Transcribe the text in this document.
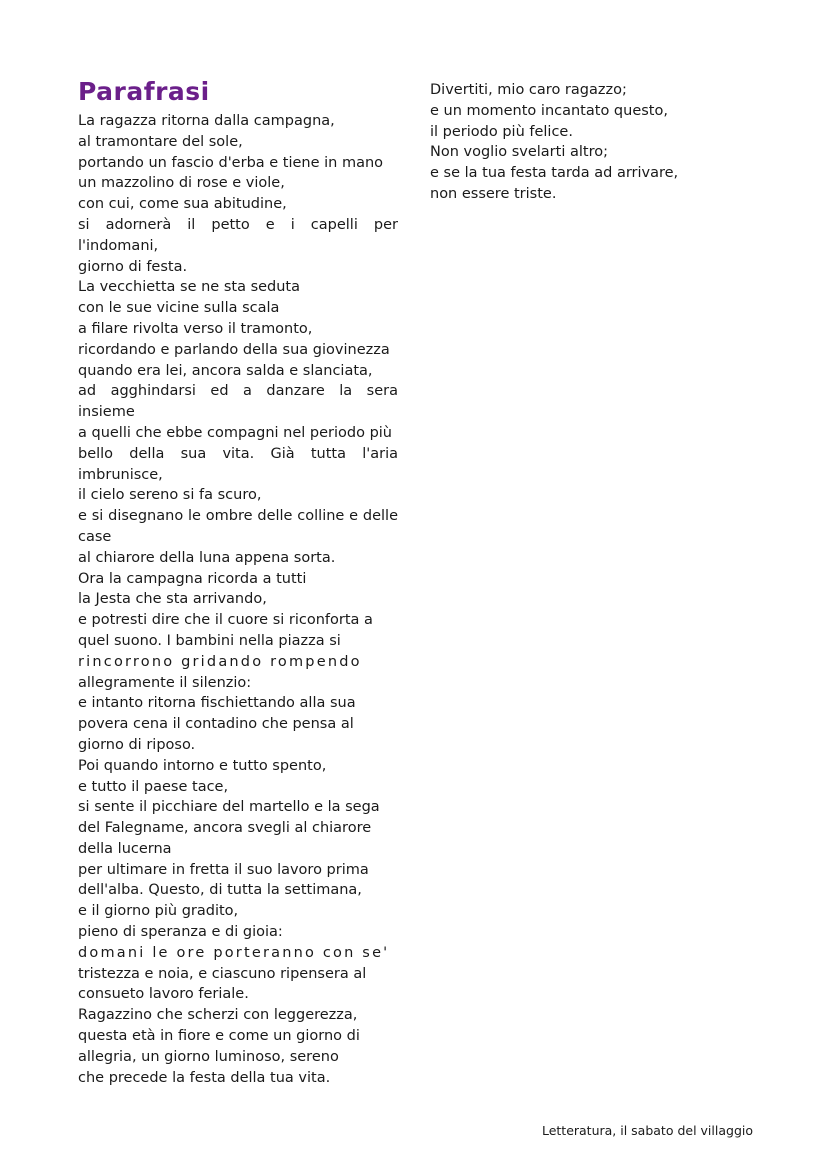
Parafrasi
La ragazza ritorna dalla campagna,
al tramontare del sole,
portando un fascio d'erba e tiene in mano
un mazzolino di rose e viole,
con cui, come sua abitudine,
si adornerà il petto e i capelli per l'indomani,
giorno di festa.
La vecchietta se ne sta seduta
con le sue vicine sulla scala
a filare rivolta verso il tramonto,
ricordando e parlando della sua giovinezza
quando era lei, ancora salda e slanciata,
ad agghindarsi ed a danzare la sera insieme
a quelli che ebbe compagni nel periodo più
bello della sua vita. Già tutta l'aria imbrunisce,
il cielo sereno si fa scuro,
e si disegnano le ombre delle colline e delle case
al chiarore della luna appena sorta.
Ora la campagna ricorda a tutti
la Jesta che sta arrivando,
e potresti dire che il cuore si riconforta a
quel suono. I bambini nella piazza si
rincorrono gridando rompendo
allegramente il silenzio:
e intanto ritorna fischiettando alla sua
povera cena il contadino che pensa al
giorno di riposo.
Poi quando intorno e tutto spento,
e tutto il paese tace,
si sente il picchiare del martello e la sega
del Falegname, ancora svegli al chiarore
della lucerna
per ultimare in fretta il suo lavoro prima
dell'alba. Questo, di tutta la settimana,
e il giorno più gradito,
pieno di speranza e di gioia:
domani le ore porteranno con se'
tristezza e noia, e ciascuno ripensera al
consueto lavoro feriale.
Ragazzino che scherzi con leggerezza,
questa età in fiore e come un giorno di
allegria, un giorno luminoso, sereno
che precede la festa della tua vita.
Divertiti, mio caro ragazzo;
e un momento incantato questo,
il periodo più felice.
Non voglio svelarti altro;
e se la tua festa tarda ad arrivare,
non essere triste.
Letteratura, il sabato del villaggio
